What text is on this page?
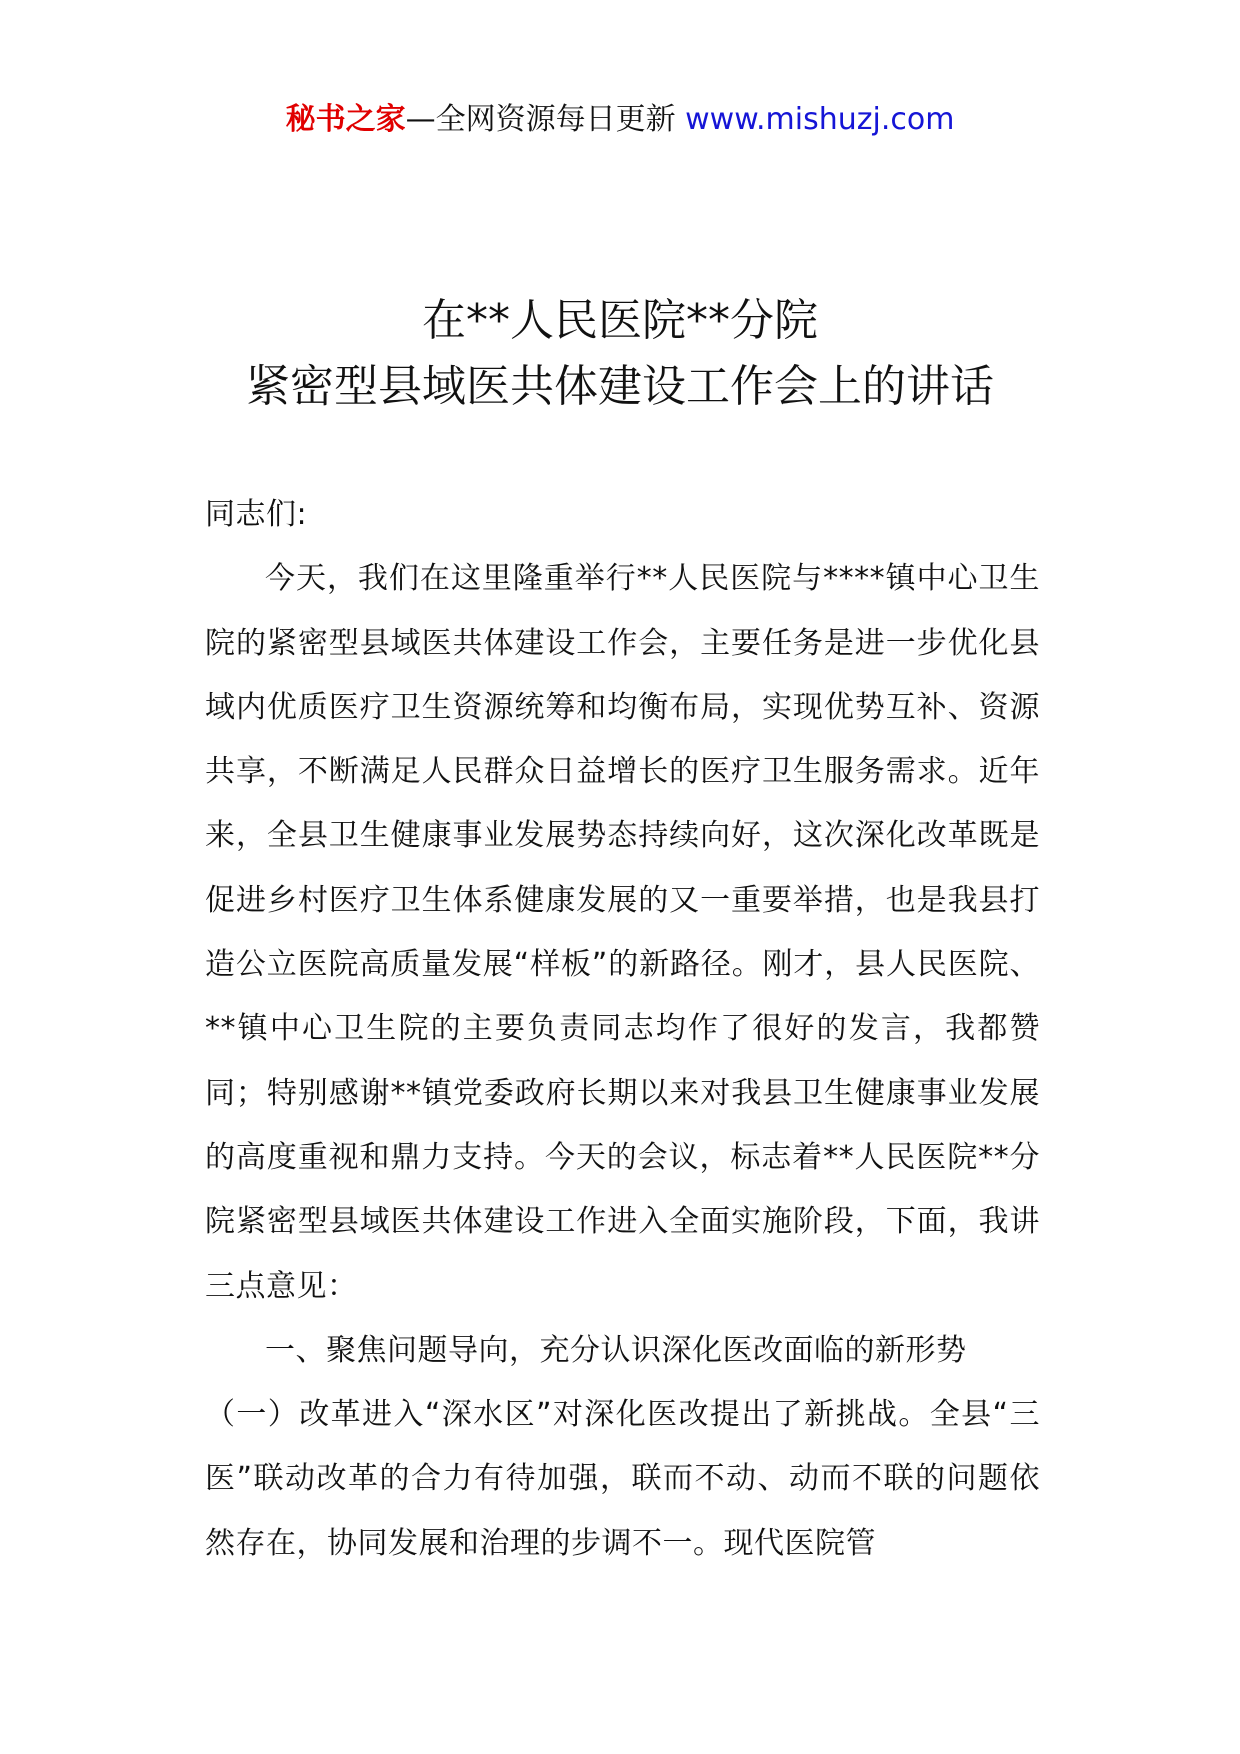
秘书之家—全网资源每日更新 www.mishuzj.com
在**人民医院**分院
紧密型县域医共体建设工作会上的讲话

同志们:

今天，我们在这里隆重举行**人民医院与****镇中心卫生院的紧密型县域医共体建设工作会，主要任务是进一步优化县域内优质医疗卫生资源统筹和均衡布局，实现优势互补、资源共享，不断满足人民群众日益增长的医疗卫生服务需求。近年来，全县卫生健康事业发展势态持续向好，这次深化改革既是促进乡村医疗卫生体系健康发展的又一重要举措，也是我县打造公立医院高质量发展“样板”的新路径。刚才，县人民医院、**镇中心卫生院的主要负责同志均作了很好的发言，我都赞同；特别感谢**镇党委政府长期以来对我县卫生健康事业发展的高度重视和鼎力支持。今天的会议，标志着**人民医院**分院紧密型县域医共体建设工作进入全面实施阶段，下面，我讲三点意见：

一、聚焦问题导向，充分认识深化医改面临的新形势

（一）改革进入“深水区”对深化医改提出了新挑战。全县“三医”联动改革的合力有待加强，联而不动、动而不联的问题依然存在，协同发展和治理的步调不一。现代医院管
